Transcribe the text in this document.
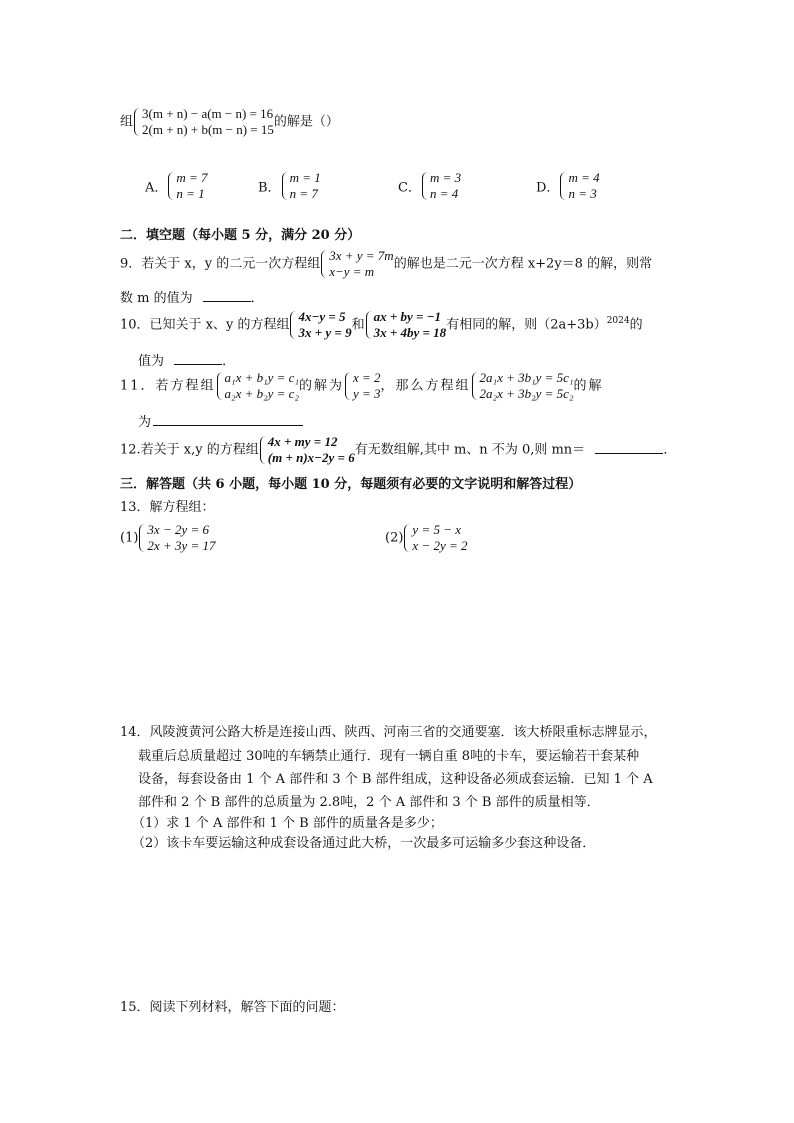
组
3(m + n) − a(m − n) = 16
2(m + n) + b(m − n) = 15 的解是（）
A．
m = 7
n = 1	B．
m = 1
n = 7	C．
m = 3
n = 4	D．
m = 4
n = 3
二．填空题（每小题 5 分，满分 20 分）
9．若关于 x，y 的二元一次方程组
3x + y = 7m
x−y = m	的解也是二元一次方程 x+2y＝8 的解，则常
数 m 的值为	．
10．已知关于 x、y 的方程组
4x−y = 5
3x + y = 9 和
ax + by = −1
3x + 4by = 18 有相同的解，则$(2a+3b)^{2024}$的
值为	．
11．若方程组
a₁x + b₁y = c₁
a₂x + b₂y = c₂ 的解为
x = 2
y = 3 ，那么方程组
2a₁x + 3b₁y = 5c₁
2a₂x + 3b₂y = 5c₂ 的解
为
12.若关于 x,y 的方程组
4x + my = 12
(m + n)x−2y = 6 有无数组解,其中 m、n 不为 0,则 mn＝	．
三．解答题（共 6 小题，每小题 10 分，每题须有必要的文字说明和解答过程）
13．解方程组：
(1)
3x − 2y = 6
2x + 3y = 17	(2)
y = 5 − x
x − 2y = 2
14．风陵渡黄河公路大桥是连接山西、陕西、河南三省的交通要塞．该大桥限重标志牌显示，
载重后总质量超过 30吨的车辆禁止通行．现有一辆自重 8吨的卡车，要运输若干套某种
设备，每套设备由 1 个 A 部件和 3 个 B 部件组成，这种设备必须成套运输．已知 1 个 A
部件和 2 个 B 部件的总质量为 2.8吨，2 个 A 部件和 3 个 B 部件的质量相等．
（1）求 1 个 A 部件和 1 个 B 部件的质量各是多少；
（2）该卡车要运输这种成套设备通过此大桥，一次最多可运输多少套这种设备．
15．阅读下列材料，解答下面的问题：
